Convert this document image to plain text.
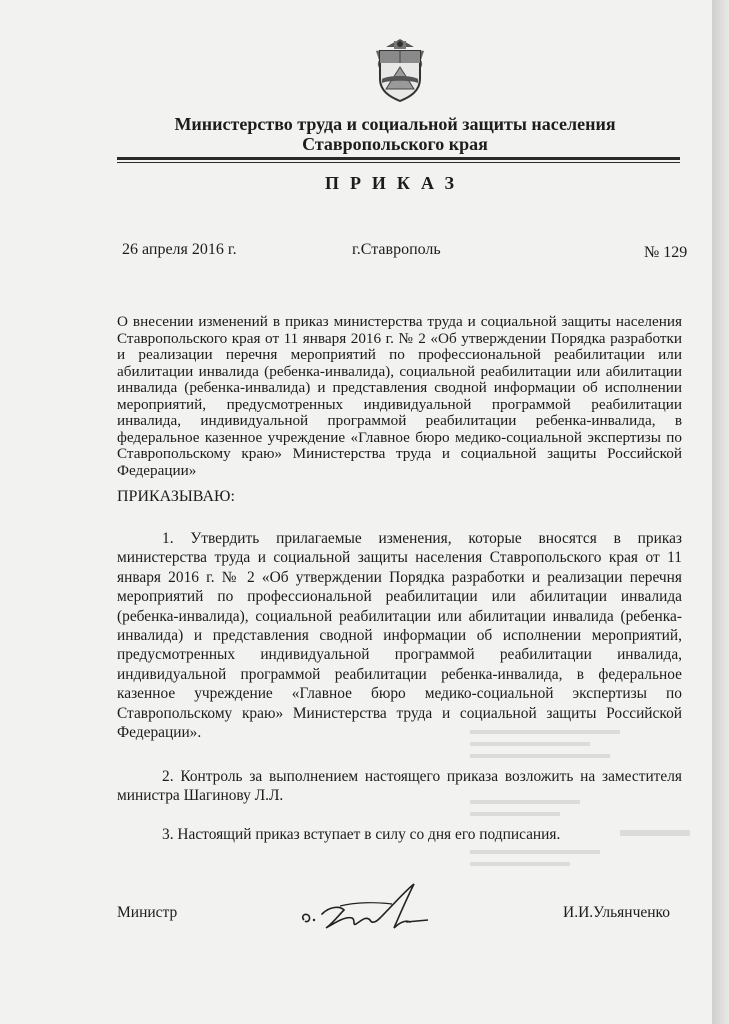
Министерство труда и социальной защиты населения
Ставропольского края
ПРИКАЗ
26 апреля 2016 г.	г.Ставрополь	№ 129
О внесении изменений в приказ министерства труда и социальной защиты населения Ставропольского края от 11 января 2016 г. № 2 «Об утверждении Порядка разработки и реализации перечня мероприятий по профессиональной реабилитации или абилитации инвалида (ребенка-инвалида), социальной реабилитации или абилитации инвалида (ребенка-инвалида) и представления сводной информации об исполнении мероприятий, предусмотренных индивидуальной программой реабилитации инвалида, индивидуальной программой реабилитации ребенка-инвалида, в федеральное казенное учреждение «Главное бюро медико-социальной экспертизы по Ставропольскому краю» Министерства труда и социальной защиты Российской Федерации»
ПРИКАЗЫВАЮ:
1. Утвердить прилагаемые изменения, которые вносятся в приказ министерства труда и социальной защиты населения Ставропольского края от 11 января 2016 г. № 2 «Об утверждении Порядка разработки и реализации перечня мероприятий по профессиональной реабилитации или абилитации инвалида (ребенка-инвалида), социальной реабилитации или абилитации инвалида (ребенка-инвалида) и представления сводной информации об исполнении мероприятий, предусмотренных индивидуальной программой реабилитации инвалида, индивидуальной программой реабилитации ребенка-инвалида, в федеральное казенное учреждение «Главное бюро медико-социальной экспертизы по Ставропольскому краю» Министерства труда и социальной защиты Российской Федерации».
2. Контроль за выполнением настоящего приказа возложить на заместителя министра Шагинову Л.Л.
3. Настоящий приказ вступает в силу со дня его подписания.
Министр	И.И.Ульянченко
